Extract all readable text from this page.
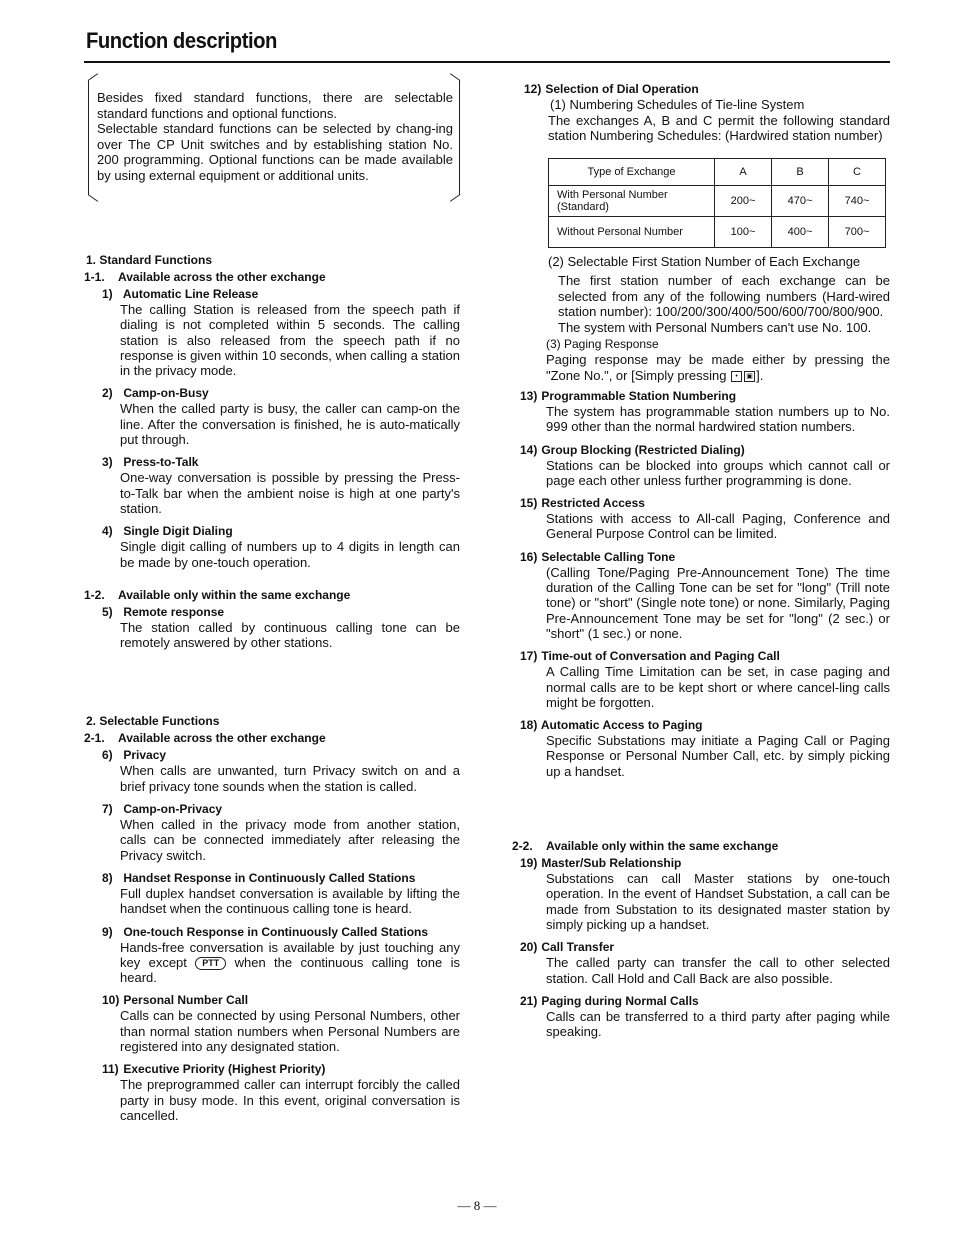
Function description

Besides fixed standard functions, there are selectable standard functions and optional functions.

Selectable standard functions can be selected by chang-ing over The CP Unit switches and by establishing station No. 200 programming. Optional functions can be made available by using external equipment or additional units.

1. Standard Functions
1-1. Available across the other exchange
1) Automatic Line Release
The calling Station is released from the speech path if dialing is not completed within 5 seconds. The calling station is also released from the speech path if no response is given within 10 seconds, when calling a station in the privacy mode.
2) Camp-on-Busy
When the called party is busy, the caller can camp-on the line. After the conversation is finished, he is auto-matically put through.
3) Press-to-Talk
One-way conversation is possible by pressing the Press-to-Talk bar when the ambient noise is high at one party's station.
4) Single Digit Dialing
Single digit calling of numbers up to 4 digits in length can be made by one-touch operation.
1-2. Available only within the same exchange
5) Remote response
The station called by continuous calling tone can be remotely answered by other stations.
2. Selectable Functions
2-1. Available across the other exchange
6) Privacy
When calls are unwanted, turn Privacy switch on and a brief privacy tone sounds when the station is called.
7) Camp-on-Privacy
When called in the privacy mode from another station, calls can be connected immediately after releasing the Privacy switch.
8) Handset Response in Continuously Called Stations
Full duplex handset conversation is available by lifting the handset when the continuous calling tone is heard.
9) One-touch Response in Continuously Called Stations
Hands-free conversation is available by just touching any key except PTT when the continuous calling tone is heard.
10) Personal Number Call
Calls can be connected by using Personal Numbers, other than normal station numbers when Personal Numbers are registered into any designated station.
11) Executive Priority (Highest Priority)
The preprogrammed caller can interrupt forcibly the called party in busy mode. In this event, original conversation is cancelled.
12) Selection of Dial Operation
(1) Numbering Schedules of Tie-line System
The exchanges A, B and C permit the following standard station Numbering Schedules: (Hardwired station number)
Type of Exchange	A	B	C
With Personal Number (Standard)	200~	470~	740~
Without Personal Number	100~	400~	700~
(2) Selectable First Station Number of Each Exchange
The first station number of each exchange can be selected from any of the following numbers (Hard-wired station number): 100/200/300/400/500/600/700/800/900.
The system with Personal Numbers can't use No. 100.
(3) Paging Response
Paging response may be made either by pressing the "Zone No.", or [Simply pressing • ▣ ].
13) Programmable Station Numbering
The system has programmable station numbers up to No. 999 other than the normal hardwired station numbers.
14) Group Blocking (Restricted Dialing)
Stations can be blocked into groups which cannot call or page each other unless further programming is done.
15) Restricted Access
Stations with access to All-call Paging, Conference and General Purpose Control can be limited.
16) Selectable Calling Tone
(Calling Tone/Paging Pre-Announcement Tone) The time duration of the Calling Tone can be set for "long" (Trill note tone) or "short" (Single note tone) or none. Similarly, Paging Pre-Announcement Tone may be set for "long" (2 sec.) or "short" (1 sec.) or none.
17) Time-out of Conversation and Paging Call
A Calling Time Limitation can be set, in case paging and normal calls are to be kept short or where cancel-ling calls might be forgotten.
18) Automatic Access to Paging
Specific Substations may initiate a Paging Call or Paging Response or Personal Number Call, etc. by simply picking up a handset.
2-2. Available only within the same exchange
19) Master/Sub Relationship
Substations can call Master stations by one-touch operation. In the event of Handset Substation, a call can be made from Substation to its designated master station by simply picking up a handset.
20) Call Transfer
The called party can transfer the call to other selected station. Call Hold and Call Back are also possible.
21) Paging during Normal Calls
Calls can be transferred to a third party after paging while speaking.
— 8 —
